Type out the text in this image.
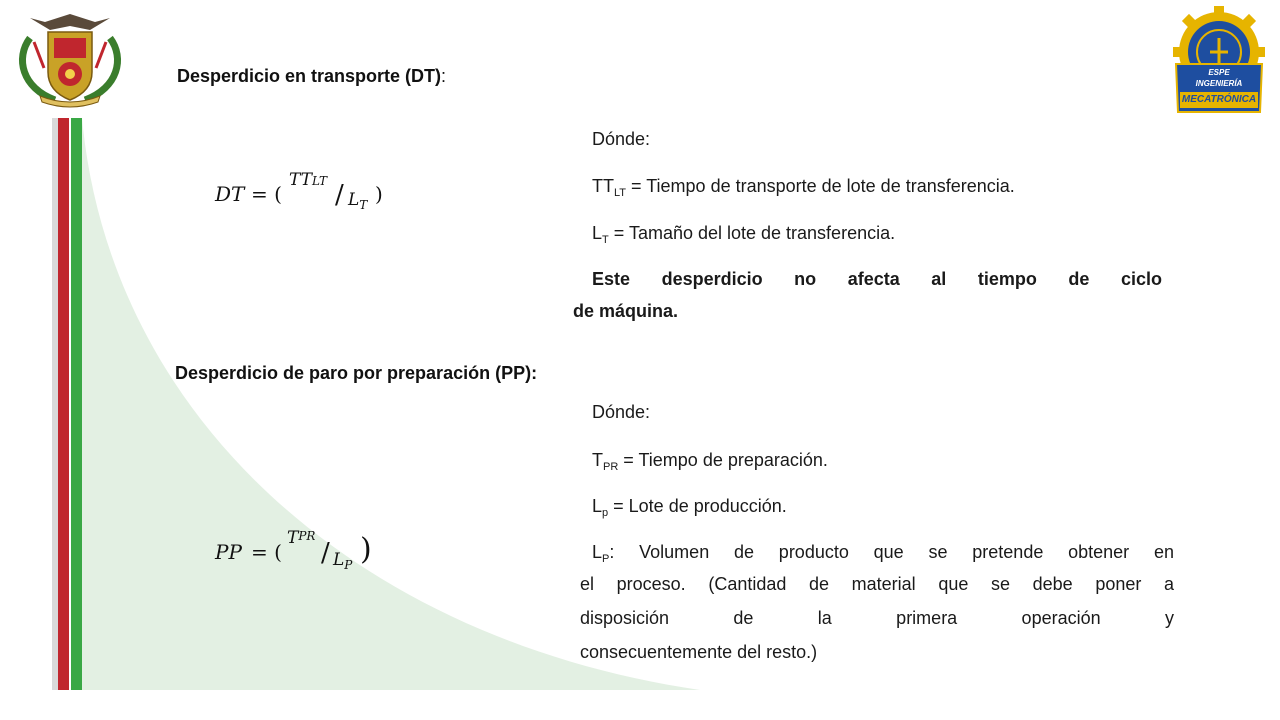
ESPE
INGENIERÍA
MECATRÓNICA
Desperdicio en transporte (DT):
DT = (
TTLT / $L_T$ )
Dónde:
$TT_{LT}$ = Tiempo de transporte de lote de transferencia.
$L_T$ = Tamaño del lote de transferencia.
Este desperdicio no afecta al tiempo de ciclo
de máquina.
Desperdicio de paro por preparación (PP):
Dónde:
$T_{PR}$ = Tiempo de preparación.
$L_p$ = Lote de producción.
PP = (
TPR
/ $L_P$ )	$L_P$: Volumen de producto que se pretende obtener en
el proceso. (Cantidad de material que se debe poner a
disposición de la primera operación y
consecuentemente del resto.)
